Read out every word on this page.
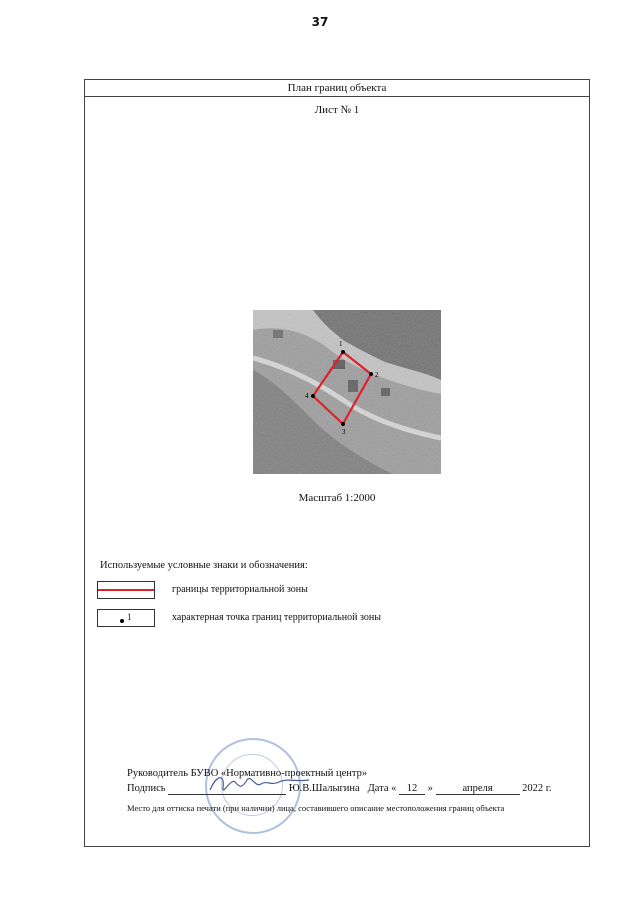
37
План границ объекта
Лист № 1
1
2
3
4
Масштаб 1:2000
Используемые условные знаки и обозначения:
границы территориальной зоны
1	характерная точка границ территориальной зоны
Руководитель БУВО «Нормативно-проектный центр»
Подпись	Ю.В.Шалыгина Дата « 12 »	апреля	2022 г.
Место для оттиска печати (при наличии) лица, составившего описание местоположения границ объекта
